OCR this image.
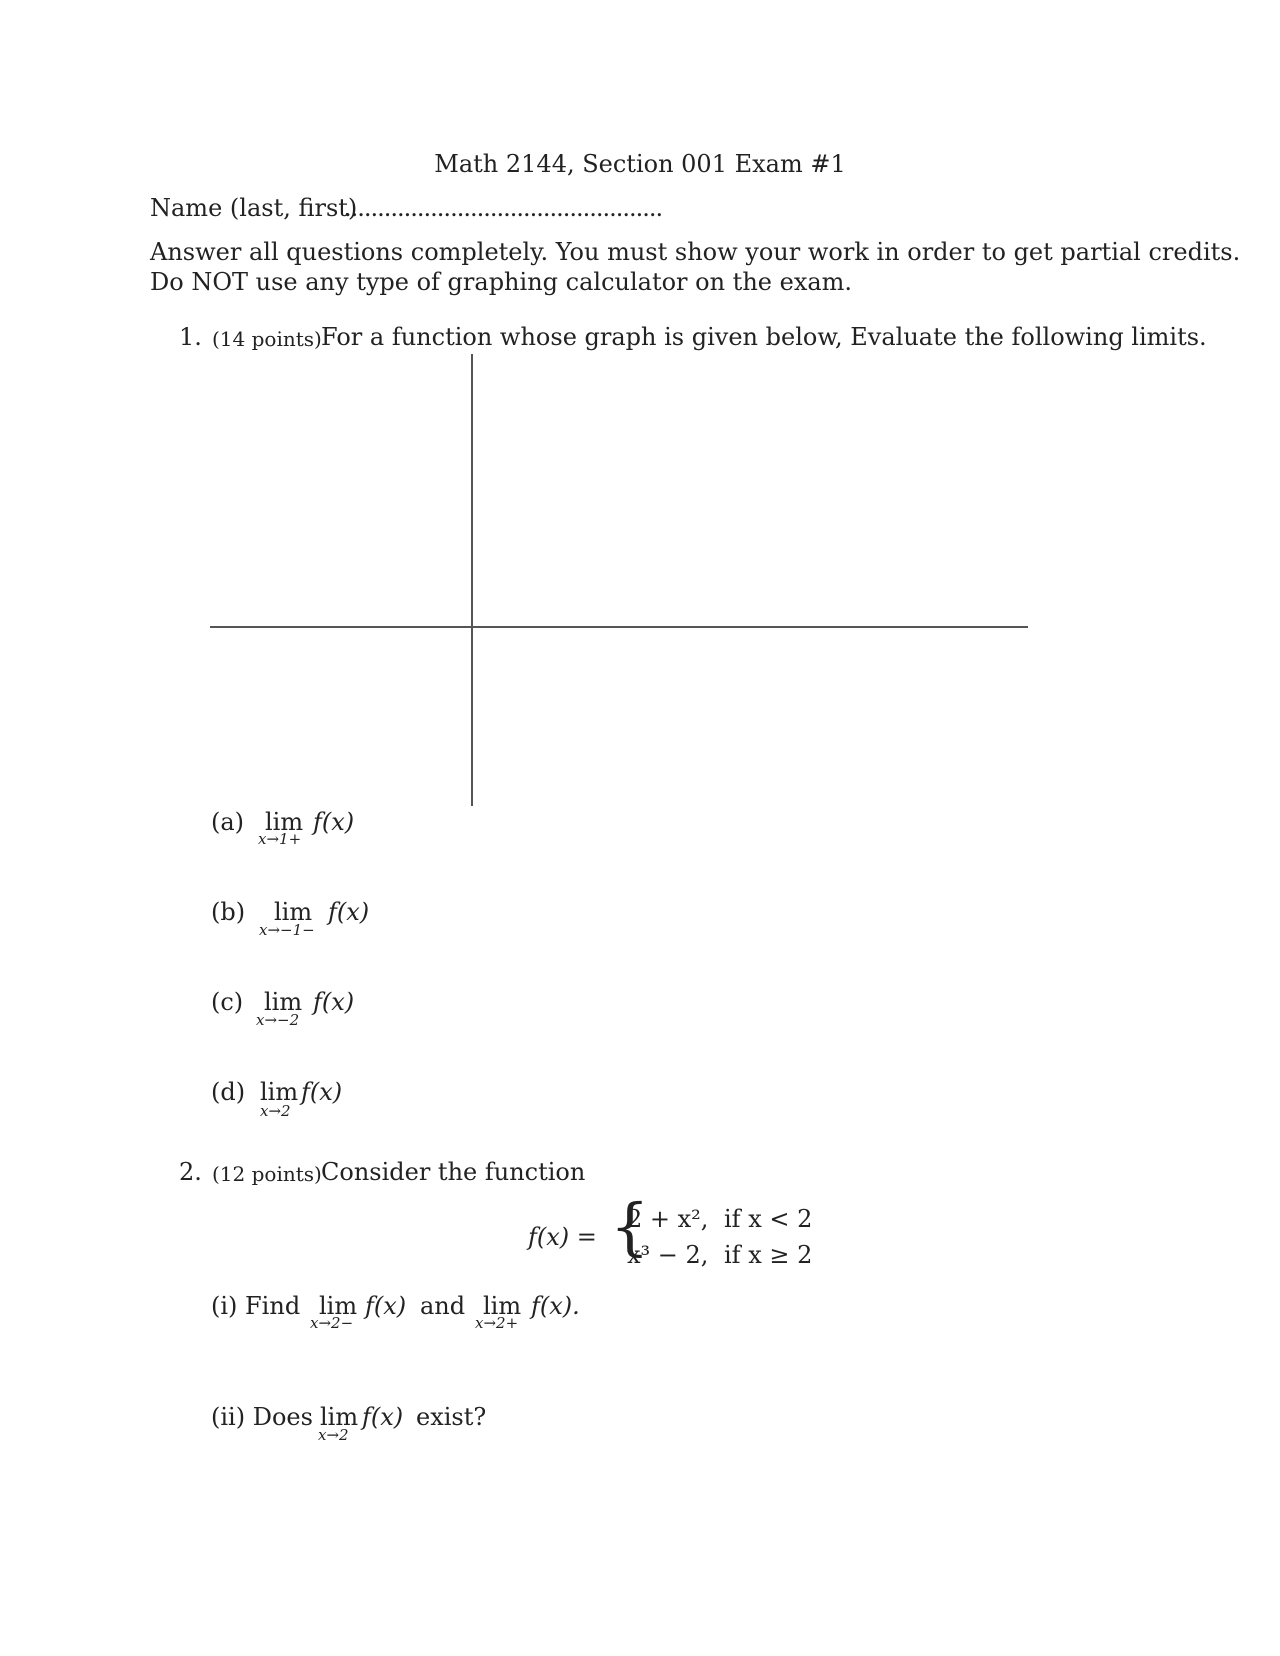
Math 2144, Section 001 Exam #1
Name (last, first)
................................................
Answer all questions completely. You must show your work in order to get partial credits.
Do NOT use any type of graphing calculator on the exam.
1. (14 points) For a function whose graph is given below, Evaluate the following limits.
(a) lim f(x)
x→1+
(b) lim f(x)
x→−1−
(c) lim f(x)
x→−2
(d) lim f(x)
x→2
2. (12 points) Consider the function
f(x) = {
2 + x², if x < 2
x³ − 2, if x ≥ 2
(i) Find lim f(x)
x→2−
and lim f(x).
x→2+
(ii) Does lim f(x)
x→2
exist?
